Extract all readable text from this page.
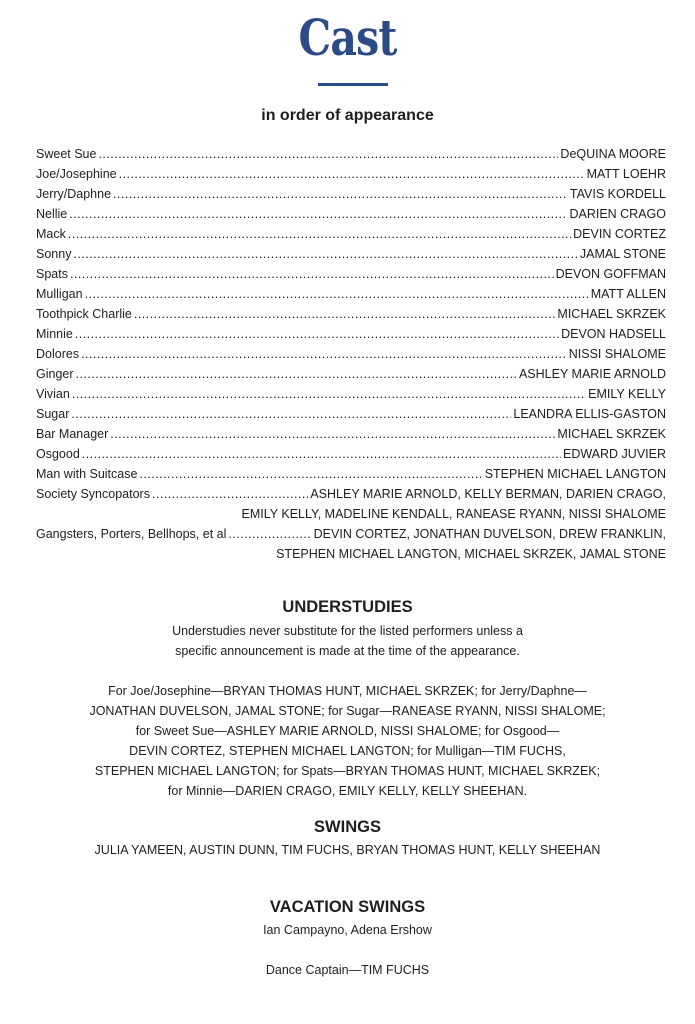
Cast
in order of appearance
Sweet Sue . . .	DeQUINA MOORE
Joe/Josephine . . .	MATT LOEHR
Jerry/Daphne . . .	TAVIS KORDELL
Nellie . . .	DARIEN CRAGO
Mack . . .	DEVIN CORTEZ
Sonny . . .	JAMAL STONE
Spats . . .	DEVON GOFFMAN
Mulligan . . .	MATT ALLEN
Toothpick Charlie . . .	MICHAEL SKRZEK
Minnie . . .	DEVON HADSELL
Dolores . . .	NISSI SHALOME
Ginger . . .	ASHLEY MARIE ARNOLD
Vivian . . .	EMILY KELLY
Sugar . . .	LEANDRA ELLIS-GASTON
Bar Manager . . .	MICHAEL SKRZEK
Osgood . . .	EDWARD JUVIER
Man with Suitcase . . .	STEPHEN MICHAEL LANGTON
Society Syncopators . . .	ASHLEY MARIE ARNOLD, KELLY BERMAN, DARIEN CRAGO,
EMILY KELLY, MADELINE KENDALL, RANEASE RYANN, NISSI SHALOME
Gangsters, Porters, Bellhops, et al . . .	DEVIN CORTEZ, JONATHAN DUVELSON, DREW FRANKLIN,
STEPHEN MICHAEL LANGTON, MICHAEL SKRZEK, JAMAL STONE
UNDERSTUDIES
Understudies never substitute for the listed performers unless a
specific announcement is made at the time of the appearance.
For Joe/Josephine—BRYAN THOMAS HUNT, MICHAEL SKRZEK; for Jerry/Daphne—
JONATHAN DUVELSON, JAMAL STONE; for Sugar—RANEASE RYANN, NISSI SHALOME;
for Sweet Sue—ASHLEY MARIE ARNOLD, NISSI SHALOME; for Osgood—
DEVIN CORTEZ, STEPHEN MICHAEL LANGTON; for Mulligan—TIM FUCHS,
STEPHEN MICHAEL LANGTON; for Spats—BRYAN THOMAS HUNT, MICHAEL SKRZEK;
for Minnie—DARIEN CRAGO, EMILY KELLY, KELLY SHEEHAN.
SWINGS
JULIA YAMEEN, AUSTIN DUNN, TIM FUCHS, BRYAN THOMAS HUNT, KELLY SHEEHAN
VACATION SWINGS
Ian Campayno, Adena Ershow
Dance Captain—TIM FUCHS
